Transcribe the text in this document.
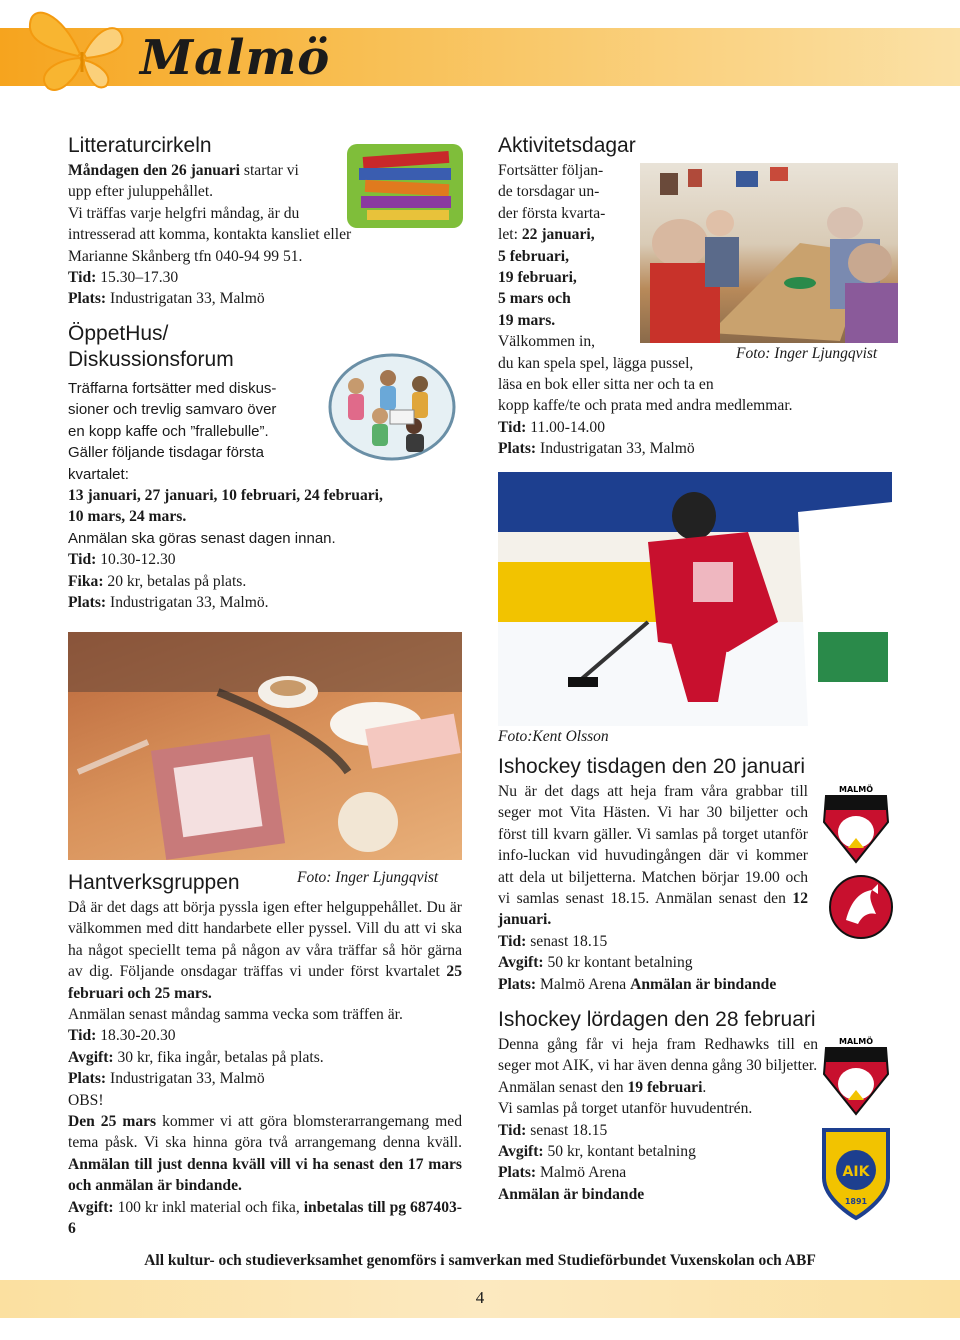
Malmö
Litteraturcirkeln

Måndagen den 26 januari startar vi

upp efter juluppehållet.

Vi träffas varje helgfri måndag, är du

intresserad att komma, kontakta kansliet eller

Marianne Skånberg tfn 040-94 99 51.

Tid: 15.30–17.30

Plats: Industrigatan 33, Malmö

ÖppetHus/
Diskussionsforum

Träffarna fortsätter med diskus-

sioner och trevlig samvaro över

en kopp kaffe och ”frallebulle”.

Gäller följande tisdagar första

kvartalet:

13 januari, 27 januari, 10 februari, 24 februari,

10 mars, 24 mars.

Anmälan ska göras senast dagen innan.

Tid: 10.30-12.30

Fika: 20 kr, betalas på plats.

Plats: Industrigatan 33, Malmö.

Aktivitetsdagar

Fortsätter följan-

de torsdagar un-

der första kvarta-

let: 22 januari,

5 februari,

19 februari,

5 mars och

19 mars.

Välkommen in,

du kan spela spel, lägga pussel,

läsa en bok eller sitta ner och ta en

kopp kaffe/te och prata med andra medlemmar.

Tid: 11.00-14.00

Plats: Industrigatan 33, Malmö

Foto: Inger Ljungqvist
Foto:Kent Olsson
Foto: Inger Ljungqvist
Hantverksgruppen

Då är det dags att börja pyssla igen efter helguppehållet. Du är välkommen med ditt handarbete eller pyssel. Vill du att vi ska ha något speciellt tema på någon av våra träffar så hör gärna av dig. Följande onsdagar träffas vi under först kvartalet 25 februari och 25 mars.

Anmälan senast måndag samma vecka som träffen är.

Tid: 18.30-20.30

Avgift: 30 kr, fika ingår, betalas på plats.

Plats: Industrigatan 33, Malmö

OBS!

Den 25 mars kommer vi att göra blomsterarrangemang med tema påsk. Vi ska hinna göra två arrangemang denna kväll. Anmälan till just denna kväll vill vi ha senast den 17 mars och anmälan är bindande.

Avgift: 100 kr inkl material och fika, inbetalas till pg 687403-6

Ishockey tisdagen den 20 januari

Nu är det dags att heja fram våra grabbar till seger mot Vita Hästen. Vi har 30 biljetter och först till kvarn gäller. Vi samlas på torget utanför info-luckan vid huvudingången där vi kommer att dela ut biljetterna. Matchen börjar 19.00 och vi samlas senast 18.15. Anmälan senast den 12 januari.

Tid: senast 18.15

Avgift: 50 kr kontant betalning

Plats: Malmö Arena Anmälan är bindande

Ishockey lördagen den 28 februari

Denna gång får vi heja fram Redhawks till en seger mot AIK, vi har även denna gång 30 biljetter.

Anmälan senast den 19 februari.

Vi samlas på torget utanför huvudentrén.

Tid: senast 18.15

Avgift: 50 kr, kontant betalning

Plats: Malmö Arena

Anmälan är bindande

MALMÖ
MALMÖ
AIK
1891
All kultur- och studieverksamhet genomförs i samverkan med Studieförbundet Vuxenskolan och ABF
4
